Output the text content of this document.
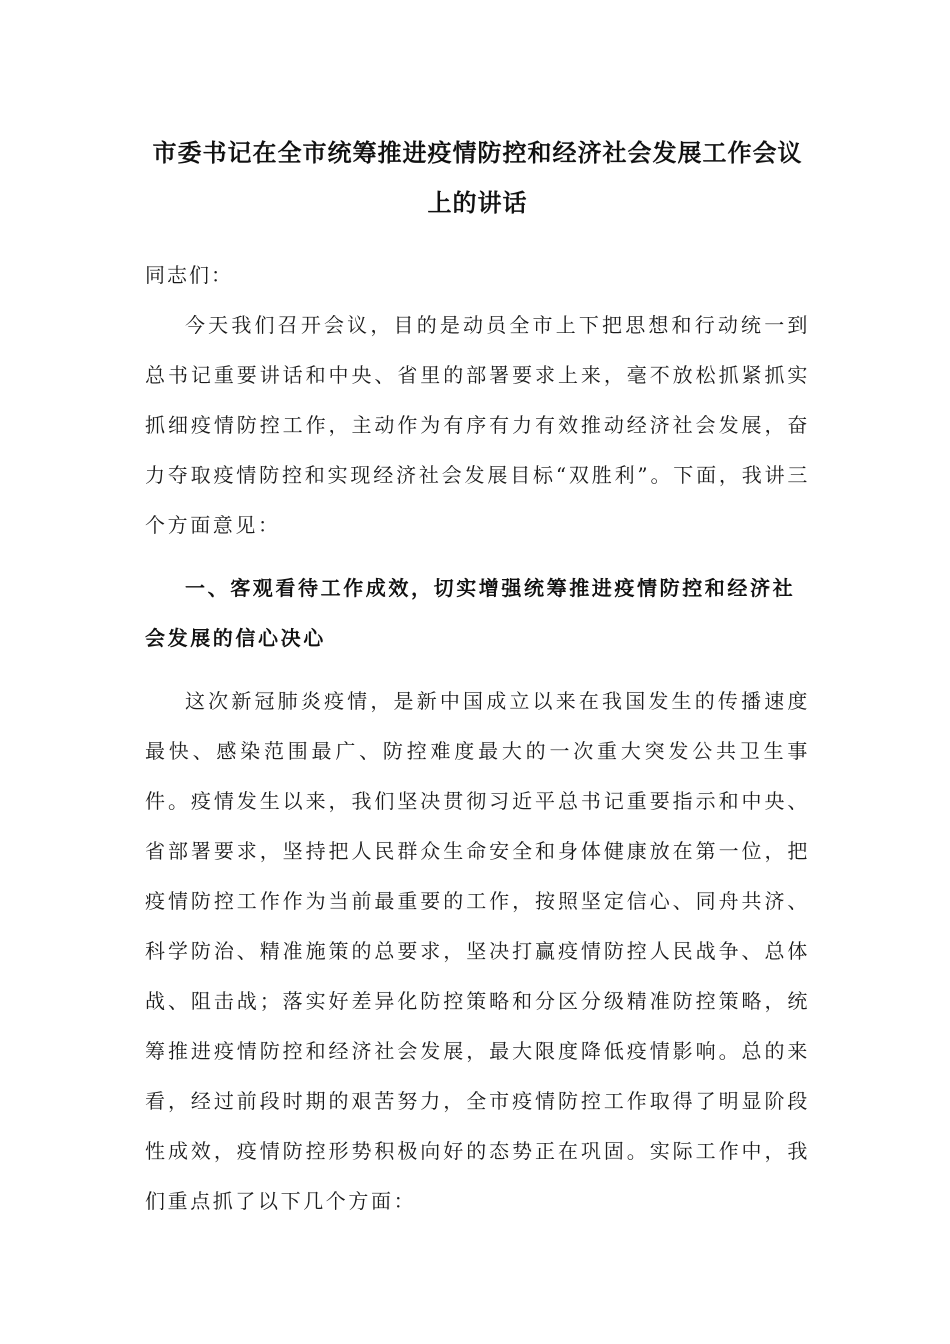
市委书记在全市统筹推进疫情防控和经济社会发展工作会议上的讲话

同志们：

今天我们召开会议，目的是动员全市上下把思想和行动统一到总书记重要讲话和中央、省里的部署要求上来，毫不放松抓紧抓实抓细疫情防控工作，主动作为有序有力有效推动经济社会发展，奋力夺取疫情防控和实现经济社会发展目标“双胜利”。下面，我讲三个方面意见：

一、客观看待工作成效，切实增强统筹推进疫情防控和经济社会发展的信心决心

这次新冠肺炎疫情，是新中国成立以来在我国发生的传播速度最快、感染范围最广、防控难度最大的一次重大突发公共卫生事件。疫情发生以来，我们坚决贯彻习近平总书记重要指示和中央、省部署要求，坚持把人民群众生命安全和身体健康放在第一位，把疫情防控工作作为当前最重要的工作，按照坚定信心、同舟共济、科学防治、精准施策的总要求，坚决打赢疫情防控人民战争、总体战、阻击战；落实好差异化防控策略和分区分级精准防控策略，统筹推进疫情防控和经济社会发展，最大限度降低疫情影响。总的来看，经过前段时期的艰苦努力，全市疫情防控工作取得了明显阶段性成效，疫情防控形势积极向好的态势正在巩固。实际工作中，我们重点抓了以下几个方面：
